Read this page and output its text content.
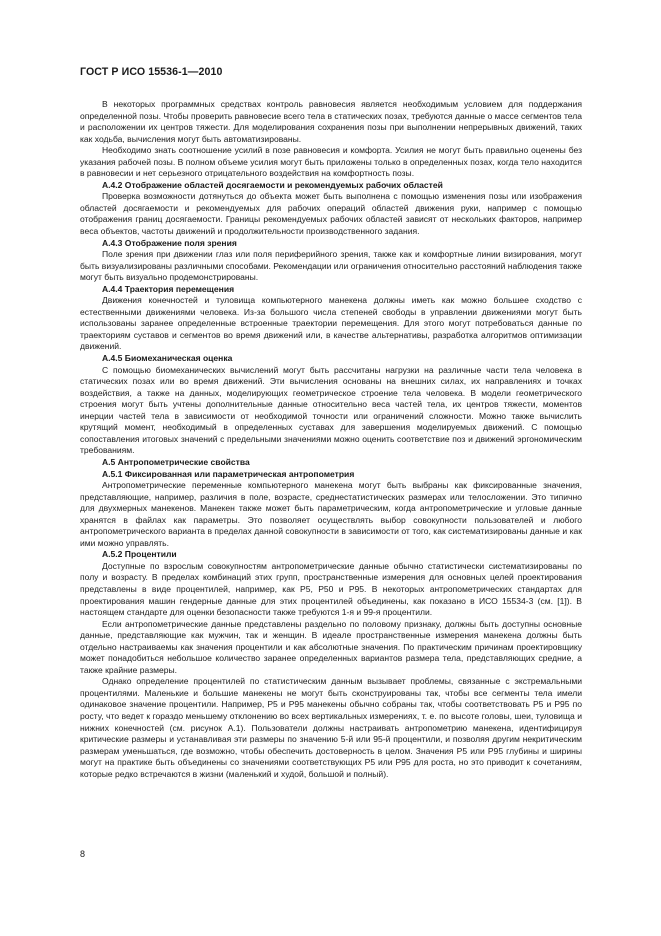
ГОСТ Р ИСО 15536-1—2010

В некоторых программных средствах контроль равновесия является необходимым условием для поддержания определенной позы. Чтобы проверить равновесие всего тела в статических позах, требуются данные о массе сегментов тела и расположении их центров тяжести. Для моделирования сохранения позы при выполнении непрерывных движений, таких как ходьба, вычисления могут быть автоматизированы.

Необходимо знать соотношение усилий в позе равновесия и комфорта. Усилия не могут быть правильно оценены без указания рабочей позы. В полном объеме усилия могут быть приложены только в определенных позах, когда тело находится в равновесии и нет серьезного отрицательного воздействия на комфортность позы.

А.4.2 Отображение областей досягаемости и рекомендуемых рабочих областей

Проверка возможности дотянуться до объекта может быть выполнена с помощью изменения позы или изображения областей досягаемости и рекомендуемых для рабочих операций областей движения руки, например с помощью отображения границ досягаемости. Границы рекомендуемых рабочих областей зависят от нескольких факторов, например веса объектов, частоты движений и продолжительности производственного задания.

А.4.3 Отображение поля зрения

Поле зрения при движении глаз или поля периферийного зрения, также как и комфортные линии визирования, могут быть визуализированы различными способами. Рекомендации или ограничения относительно расстояний наблюдения также могут быть визуально продемонстрированы.

А.4.4 Траектория перемещения

Движения конечностей и туловища компьютерного манекена должны иметь как можно большее сходство с естественными движениями человека. Из-за большого числа степеней свободы в управлении движениями могут быть использованы заранее определенные встроенные траектории перемещения. Для этого могут потребоваться данные по траекториям суставов и сегментов во время движений или, в качестве альтернативы, разработка алгоритмов оптимизации движений.

А.4.5 Биомеханическая оценка

С помощью биомеханических вычислений могут быть рассчитаны нагрузки на различные части тела человека в статических позах или во время движений. Эти вычисления основаны на внешних силах, их направлениях и точках воздействия, а также на данных, моделирующих геометрическое строение тела человека. В модели геометрического строения могут быть учтены дополнительные данные относительно веса частей тела, их центров тяжести, моментов инерции частей тела в зависимости от необходимой точности или ограничений сложности. Можно также вычислить крутящий момент, необходимый в определенных суставах для завершения моделируемых движений. С помощью сопоставления итоговых значений с предельными значениями можно оценить соответствие поз и движений эргономическим требованиям.

А.5 Антропометрические свойства

А.5.1 Фиксированная или параметрическая антропометрия

Антропометрические переменные компьютерного манекена могут быть выбраны как фиксированные значения, представляющие, например, различия в поле, возрасте, среднестатистических размерах или телосложении. Это типично для двухмерных манекенов. Манекен также может быть параметрическим, когда антропометрические и угловые данные хранятся в файлах как параметры. Это позволяет осуществлять выбор совокупности пользователей и любого антропометрического варианта в пределах данной совокупности в зависимости от того, как систематизированы данные и как ими можно управлять.

А.5.2 Процентили

Доступные по взрослым совокупностям антропометрические данные обычно статистически систематизированы по полу и возрасту. В пределах комбинаций этих групп, пространственные измерения для основных целей проектирования представлены в виде процентилей, например, как P5, P50 и P95. В некоторых антропометрических стандартах для проектирования машин гендерные данные для этих процентилей объединены, как показано в ИСО 15534-3 (см. [1]). В настоящем стандарте для оценки безопасности также требуются 1-я и 99-я процентили.

Если антропометрические данные представлены раздельно по половому признаку, должны быть доступны основные данные, представляющие как мужчин, так и женщин. В идеале пространственные измерения манекена должны быть отдельно настраиваемы как значения процентили и как абсолютные значения. По практическим причинам проектировщику может понадобиться небольшое количество заранее определенных вариантов размера тела, представляющих средние, а также крайние размеры.

Однако определение процентилей по статистическим данным вызывает проблемы, связанные с экстремальными процентилями. Маленькие и большие манекены не могут быть сконструированы так, чтобы все сегменты тела имели одинаковое значение процентили. Например, P5 и P95 манекены обычно собраны так, чтобы соответствовать P5 и P95 по росту, что ведет к гораздо меньшему отклонению во всех вертикальных измерениях, т. е. по высоте головы, шеи, туловища и нижних конечностей (см. рисунок А.1). Пользователи должны настраивать антропометрию манекена, идентифицируя критические размеры и устанавливая эти размеры по значению 5-й или 95-й процентили, и позволяя другим некритическим размерам уменьшаться, где возможно, чтобы обеспечить достоверность в целом. Значения P5 или P95 глубины и ширины могут на практике быть объединены со значениями соответствующих P5 или P95 для роста, но это приводит к сочетаниям, которые редко встречаются в жизни (маленький и худой, большой и полный).

8
